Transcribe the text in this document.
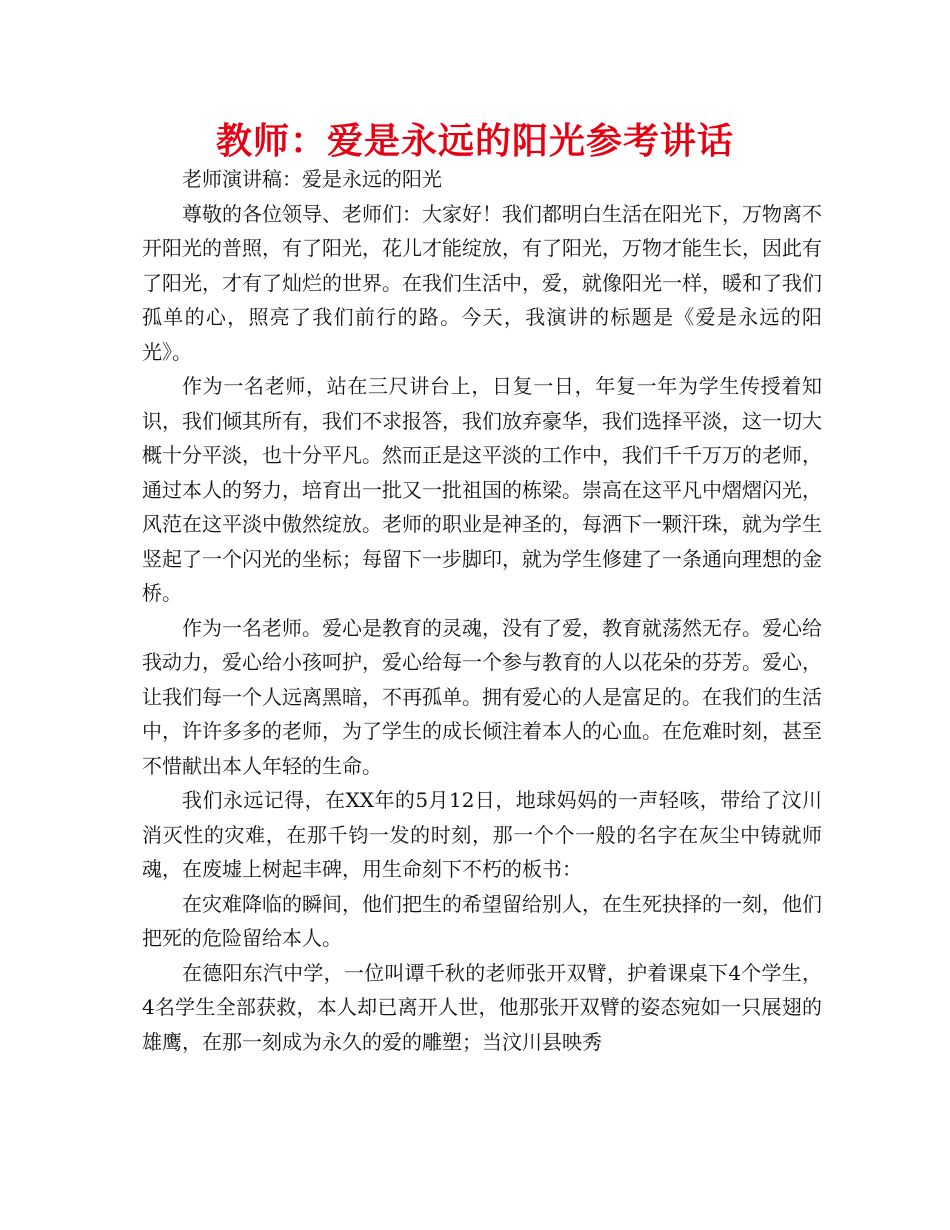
教师：爱是永远的阳光参考讲话

老师演讲稿：爱是永远的阳光

尊敬的各位领导、老师们：大家好！我们都明白生活在阳光下，万物离不开阳光的普照，有了阳光，花儿才能绽放，有了阳光，万物才能生长，因此有了阳光，才有了灿烂的世界。在我们生活中，爱，就像阳光一样，暖和了我们孤单的心，照亮了我们前行的路。今天，我演讲的标题是《爱是永远的阳光》。

作为一名老师，站在三尺讲台上，日复一日，年复一年为学生传授着知识，我们倾其所有，我们不求报答，我们放弃豪华，我们选择平淡，这一切大概十分平淡，也十分平凡。然而正是这平淡的工作中，我们千千万万的老师，通过本人的努力，培育出一批又一批祖国的栋梁。崇高在这平凡中熠熠闪光，风范在这平淡中傲然绽放。老师的职业是神圣的，每洒下一颗汗珠，就为学生竖起了一个闪光的坐标；每留下一步脚印，就为学生修建了一条通向理想的金桥。

作为一名老师。爱心是教育的灵魂，没有了爱，教育就荡然无存。爱心给我动力，爱心给小孩呵护，爱心给每一个参与教育的人以花朵的芬芳。爱心，让我们每一个人远离黑暗，不再孤单。拥有爱心的人是富足的。在我们的生活中，许许多多的老师，为了学生的成长倾注着本人的心血。在危难时刻，甚至不惜献出本人年轻的生命。

我们永远记得，在XX年的5月12日，地球妈妈的一声轻咳，带给了汶川消灭性的灾难，在那千钧一发的时刻，那一个个一般的名字在灰尘中铸就师魂，在废墟上树起丰碑，用生命刻下不朽的板书：

在灾难降临的瞬间，他们把生的希望留给别人，在生死抉择的一刻，他们把死的危险留给本人。

在德阳东汽中学，一位叫谭千秋的老师张开双臂，护着课桌下4个学生，4名学生全部获救，本人却已离开人世，他那张开双臂的姿态宛如一只展翅的雄鹰，在那一刻成为永久的爱的雕塑；当汶川县映秀
